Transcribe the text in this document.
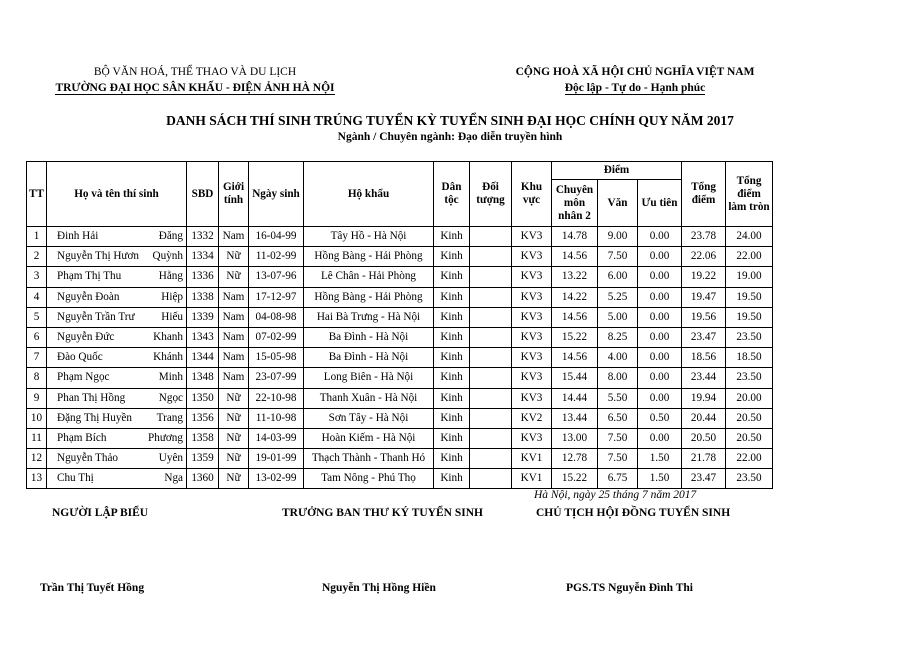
BỘ VĂN HOÁ, THỂ THAO VÀ DU LỊCH
TRƯỜNG ĐẠI HỌC SÂN KHẤU - ĐIỆN ẢNH HÀ NỘI
CỘNG HOÀ XÃ HỘI CHỦ NGHĨA VIỆT NAM
Độc lập - Tự do - Hạnh phúc
DANH SÁCH THÍ SINH TRÚNG TUYỂN KỲ TUYỂN SINH ĐẠI HỌC CHÍNH QUY NĂM 2017
Ngành / Chuyên ngành: Đạo diễn truyền hình
TT	Họ và tên thí sinh	SBD	Giới tính	Ngày sinh	Hộ khẩu	Dân tộc	Đối tượng	Khu vực	Điểm			Tổng điểm	Tổng điểm làm tròn
									Chuyên môn nhân 2	Văn	Ưu tiên		

1	Đinh Hải Đăng	1332	Nam	16-04-99	Tây Hồ - Hà Nội	Kinh		KV3	14.78	9.00	0.00	23.78	24.00
2	Nguyễn Thị Hươn Quỳnh	1334	Nữ	11-02-99	Hồng Bàng - Hải Phòng	Kinh		KV3	14.56	7.50	0.00	22.06	22.00
3	Phạm Thị Thu Hằng	1336	Nữ	13-07-96	Lê Chân - Hải Phòng	Kinh		KV3	13.22	6.00	0.00	19.22	19.00
4	Nguyễn Đoàn Hiệp	1338	Nam	17-12-97	Hồng Bàng - Hải Phòng	Kinh		KV3	14.22	5.25	0.00	19.47	19.50
5	Nguyễn Trần Trư Hiếu	1339	Nam	04-08-98	Hai Bà Trưng - Hà Nội	Kinh		KV3	14.56	5.00	0.00	19.56	19.50
6	Nguyễn Đức Khanh	1343	Nam	07-02-99	Ba Đình - Hà Nội	Kinh		KV3	15.22	8.25	0.00	23.47	23.50
7	Đào Quốc Khánh	1344	Nam	15-05-98	Ba Đình - Hà Nội	Kinh		KV3	14.56	4.00	0.00	18.56	18.50
8	Phạm Ngọc Minh	1348	Nam	23-07-99	Long Biên - Hà Nội	Kinh		KV3	15.44	8.00	0.00	23.44	23.50
9	Phan Thị Hồng Ngọc	1350	Nữ	22-10-98	Thanh Xuân - Hà Nội	Kinh		KV3	14.44	5.50	0.00	19.94	20.00
10	Đặng Thị Huyền Trang	1356	Nữ	11-10-98	Sơn Tây - Hà Nội	Kinh		KV2	13.44	6.50	0.50	20.44	20.50
11	Phạm Bích Phương	1358	Nữ	14-03-99	Hoàn Kiếm - Hà Nội	Kinh		KV3	13.00	7.50	0.00	20.50	20.50
12	Nguyễn Thảo Uyên	1359	Nữ	19-01-99	Thạch Thành - Thanh Hó	Kinh		KV1	12.78	7.50	1.50	21.78	22.00
13	Chu Thị Nga	1360	Nữ	13-02-99	Tam Nông - Phú Thọ	Kinh		KV1	15.22	6.75	1.50	23.47	23.50
Hà Nội, ngày 25 tháng 7 năm 2017
NGƯỜI LẬP BIỂU	TRƯỞNG BAN THƯ KÝ TUYỂN SINH	CHỦ TỊCH HỘI ĐỒNG TUYỂN SINH
Trần Thị Tuyết Hồng	Nguyễn Thị Hồng Hiền	PGS.TS Nguyễn Đình Thi
